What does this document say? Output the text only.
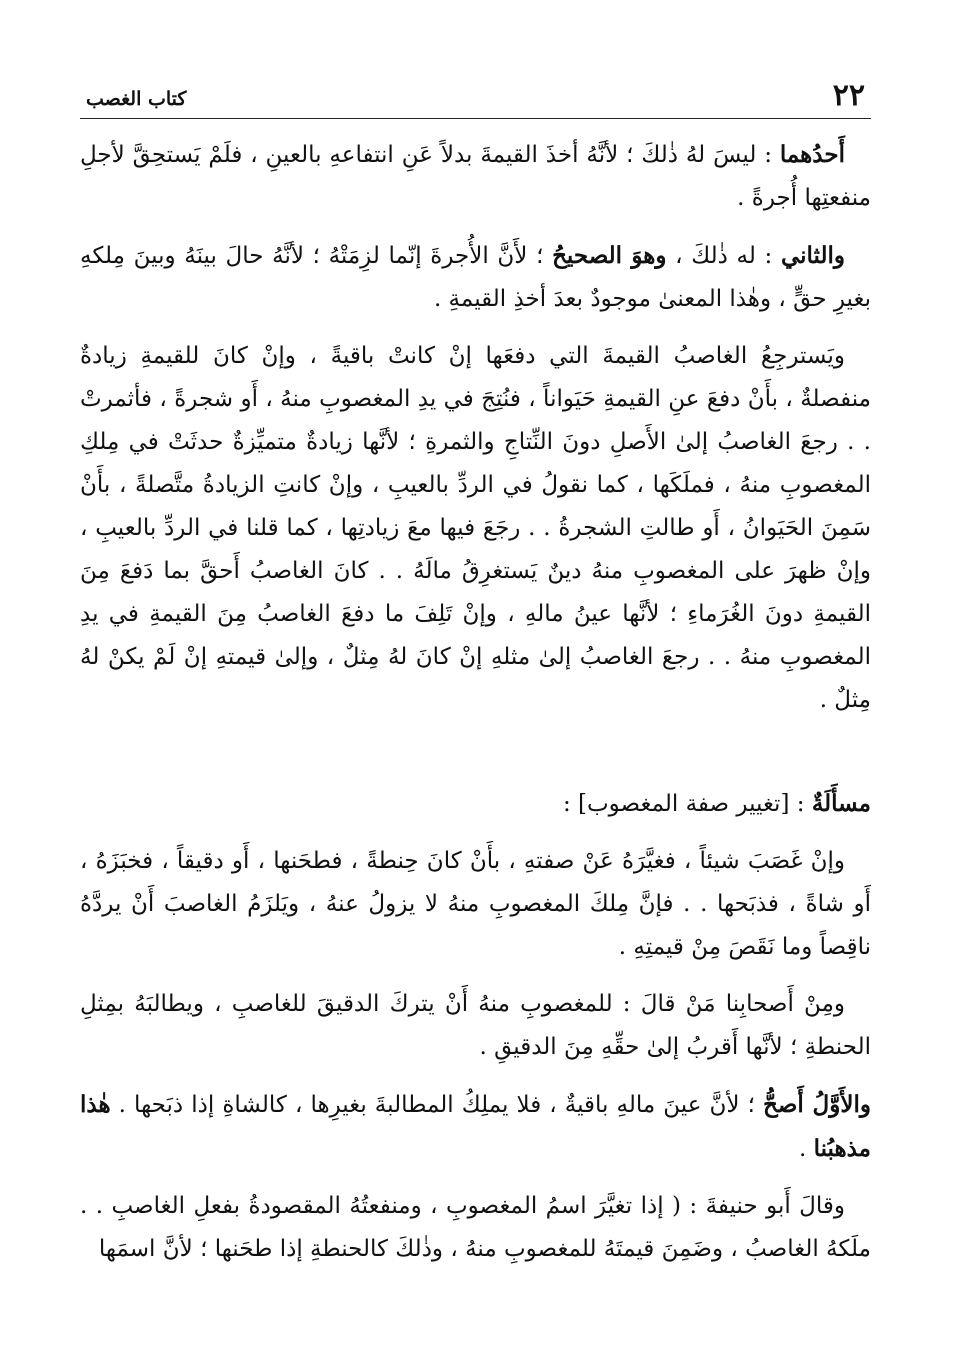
٢٢
كتاب الغصب

أَحدُهما : ليسَ لهُ ذٰلكَ ؛ لأنَّهُ أخذَ القيمةَ بدلاً عَنِ انتفاعهِ بالعينِ ، فلَمْ يَستحِقَّ لأجلِ منفعتِها أُجرةً .

والثاني : له ذٰلكَ ، وهوَ الصحيحُ ؛ لأَنَّ الأُجرةَ إنّما لزِمَتْهُ ؛ لأنَّهُ حالَ بينَهُ وبينَ مِلكهِ بغيرِ حقٍّ ، وهٰذا المعنىٰ موجودٌ بعدَ أخذِ القيمةِ .

ويَسترجِعُ الغاصبُ القيمةَ التي دفعَها إنْ كانتْ باقيةً ، وإنْ كانَ للقيمةِ زيادةٌ منفصلةٌ ، بأَنْ دفعَ عنِ القيمةِ حَيَواناً ، فنُتِجَ في يدِ المغصوبِ منهُ ، أَو شجرةً ، فأثمرتْ . . رجعَ الغاصبُ إلىٰ الأَصلِ دونَ النِّتاجِ والثمرةِ ؛ لأنَّها زيادةٌ متميِّزةٌ حدثَتْ في مِلكِ المغصوبِ منهُ ، فملَكَها ، كما نقولُ في الردِّ بالعيبِ ، وإنْ كانتِ الزيادةُ متَّصلةً ، بأَنْ سَمِنَ الحَيَوانُ ، أَو طالتِ الشجرةُ . . رجَعَ فيها معَ زيادتِها ، كما قلنا في الردِّ بالعيبِ ، وإنْ ظهرَ على المغصوبِ منهُ دينٌ يَستغرِقُ مالَهُ . . كانَ الغاصبُ أَحقَّ بما دَفعَ مِنَ القيمةِ دونَ الغُرَماءِ ؛ لأنَّها عينُ مالهِ ، وإنْ تَلِفَ ما دفعَ الغاصبُ مِنَ القيمةِ في يدِ المغصوبِ منهُ . . رجعَ الغاصبُ إلىٰ مثلهِ إنْ كانَ لهُ مِثلٌ ، وإلىٰ قيمتهِ إنْ لَمْ يكنْ لهُ مِثلٌ .

مسأَلَةٌ : [تغيير صفة المغصوب] :

وإنْ غَصَبَ شيئاً ، فغيَّرَهُ عَنْ صفتهِ ، بأَنْ كانَ حِنطةً ، فطحَنها ، أَو دقيقاً ، فخبَزَهُ ، أَو شاةً ، فذبَحها . . فإنَّ مِلكَ المغصوبِ منهُ لا يزولُ عنهُ ، ويَلزَمُ الغاصبَ أَنْ يردَّهُ ناقِصاً وما نَقَصَ مِنْ قيمتِهِ .

ومِنْ أَصحابِنا مَنْ قالَ : للمغصوبِ منهُ أَنْ يتركَ الدقيقَ للغاصبِ ، ويطالبَهُ بمِثلِ الحنطةِ ؛ لأنَّها أَقربُ إلىٰ حقِّهِ مِنَ الدقيقِ .

والأَوَّلُ أَصحُّ ؛ لأنَّ عينَ مالهِ باقيةٌ ، فلا يملِكُ المطالبةَ بغيرِها ، كالشاةِ إذا ذبَحها . هٰذا مذهبُنا .

وقالَ أَبو حنيفةَ : ( إذا تغيَّرَ اسمُ المغصوبِ ، ومنفعتُهُ المقصودةُ بفعلِ الغاصبِ . . ملَكهُ الغاصبُ ، وضَمِنَ قيمتَهُ للمغصوبِ منهُ ، وذٰلكَ كالحنطةِ إذا طحَنها ؛ لأنَّ اسمَها
